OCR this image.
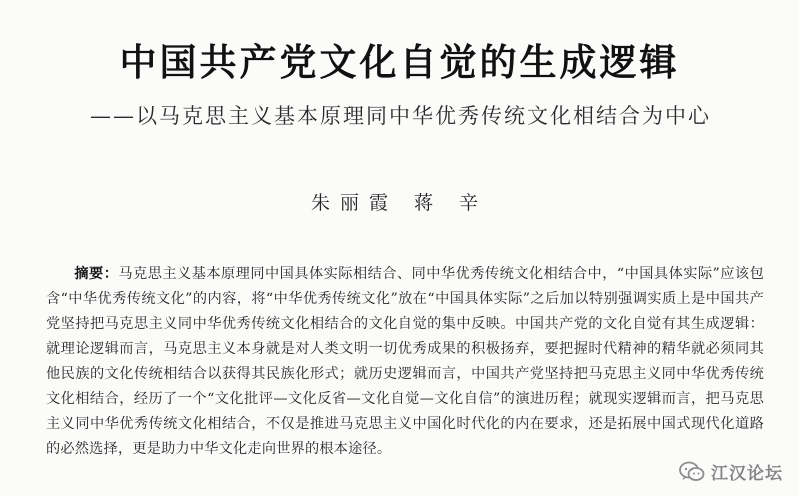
中国共产党文化自觉的生成逻辑
——以马克思主义基本原理同中华优秀传统文化相结合为中心
朱丽霞 蒋 辛
摘要：马克思主义基本原理同中国具体实际相结合、同中华优秀传统文化相结合中，“中国具体实际”应该包含“中华优秀传统文化”的内容，将“中华优秀传统文化”放在“中国具体实际”之后加以特别强调实质上是中国共产党坚持把马克思主义同中华优秀传统文化相结合的文化自觉的集中反映。中国共产党的文化自觉有其生成逻辑：就理论逻辑而言，马克思主义本身就是对人类文明一切优秀成果的积极扬弃，要把握时代精神的精华就必须同其他民族的文化传统相结合以获得其民族化形式；就历史逻辑而言，中国共产党坚持把马克思主义同中华优秀传统文化相结合，经历了一个“文化批评—文化反省—文化自觉—文化自信”的演进历程；就现实逻辑而言，把马克思主义同中华优秀传统文化相结合，不仅是推进马克思主义中国化时代化的内在要求，还是拓展中国式现代化道路的必然选择，更是助力中华文化走向世界的根本途径。
江汉论坛
